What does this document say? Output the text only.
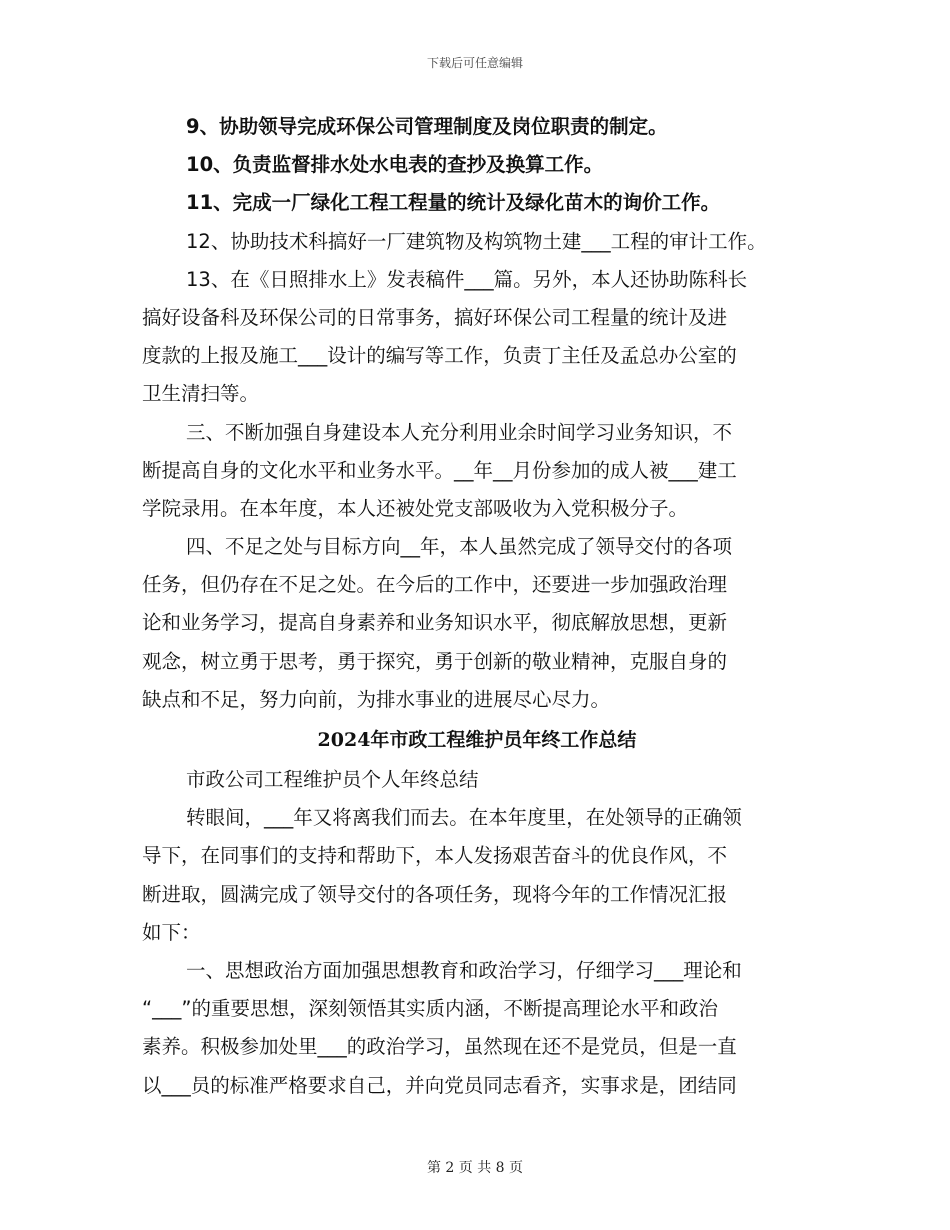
下载后可任意编辑
9、协助领导完成环保公司管理制度及岗位职责的制定。
10、负责监督排水处水电表的查抄及换算工作。
11、完成一厂绿化工程工程量的统计及绿化苗木的询价工作。
12、协助技术科搞好一厂建筑物及构筑物土建___工程的审计工作。
13、在《日照排水上》发表稿件___篇。另外，本人还协助陈科长
搞好设备科及环保公司的日常事务，搞好环保公司工程量的统计及进
度款的上报及施工___设计的编写等工作，负责丁主任及孟总办公室的
卫生清扫等。
三、不断加强自身建设本人充分利用业余时间学习业务知识，不
断提高自身的文化水平和业务水平。__年__月份参加的成人被___建工
学院录用。在本年度，本人还被处党支部吸收为入党积极分子。
四、不足之处与目标方向__年，本人虽然完成了领导交付的各项
任务，但仍存在不足之处。在今后的工作中，还要进一步加强政治理
论和业务学习，提高自身素养和业务知识水平，彻底解放思想，更新
观念，树立勇于思考，勇于探究，勇于创新的敬业精神，克服自身的
缺点和不足，努力向前，为排水事业的进展尽心尽力。
2024年市政工程维护员年终工作总结
市政公司工程维护员个人年终总结
转眼间，___年又将离我们而去。在本年度里，在处领导的正确领
导下，在同事们的支持和帮助下，本人发扬艰苦奋斗的优良作风，不
断进取，圆满完成了领导交付的各项任务，现将今年的工作情况汇报
如下：
一、思想政治方面加强思想教育和政治学习，仔细学习___理论和
“___”的重要思想，深刻领悟其实质内涵，不断提高理论水平和政治
素养。积极参加处里___的政治学习，虽然现在还不是党员，但是一直
以___员的标准严格要求自己，并向党员同志看齐，实事求是，团结同
第 2 页 共 8 页
